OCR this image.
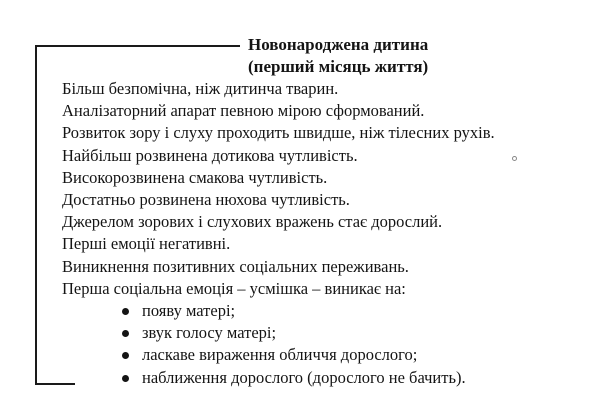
Новонароджена дитина
(перший місяць життя)
Більш безпомічна, ніж дитинча тварин.
Аналізаторний апарат певною мірою сформований.
Розвиток зору і слуху проходить швидше, ніж тілесних рухів.
Найбільш розвинена дотикова чутливість.
Високорозвинена смакова чутливість.
Достатньо розвинена нюхова чутливість.
Джерелом зорових і слухових вражень стає дорослий.
Перші емоції негативні.
Виникнення позитивних соціальних переживань.
Перша соціальна емоція – усмішка – виникає на:
появу матері;
звук голосу матері;
ласкаве вираження обличчя дорослого;
наближення дорослого (дорослого не бачить).
